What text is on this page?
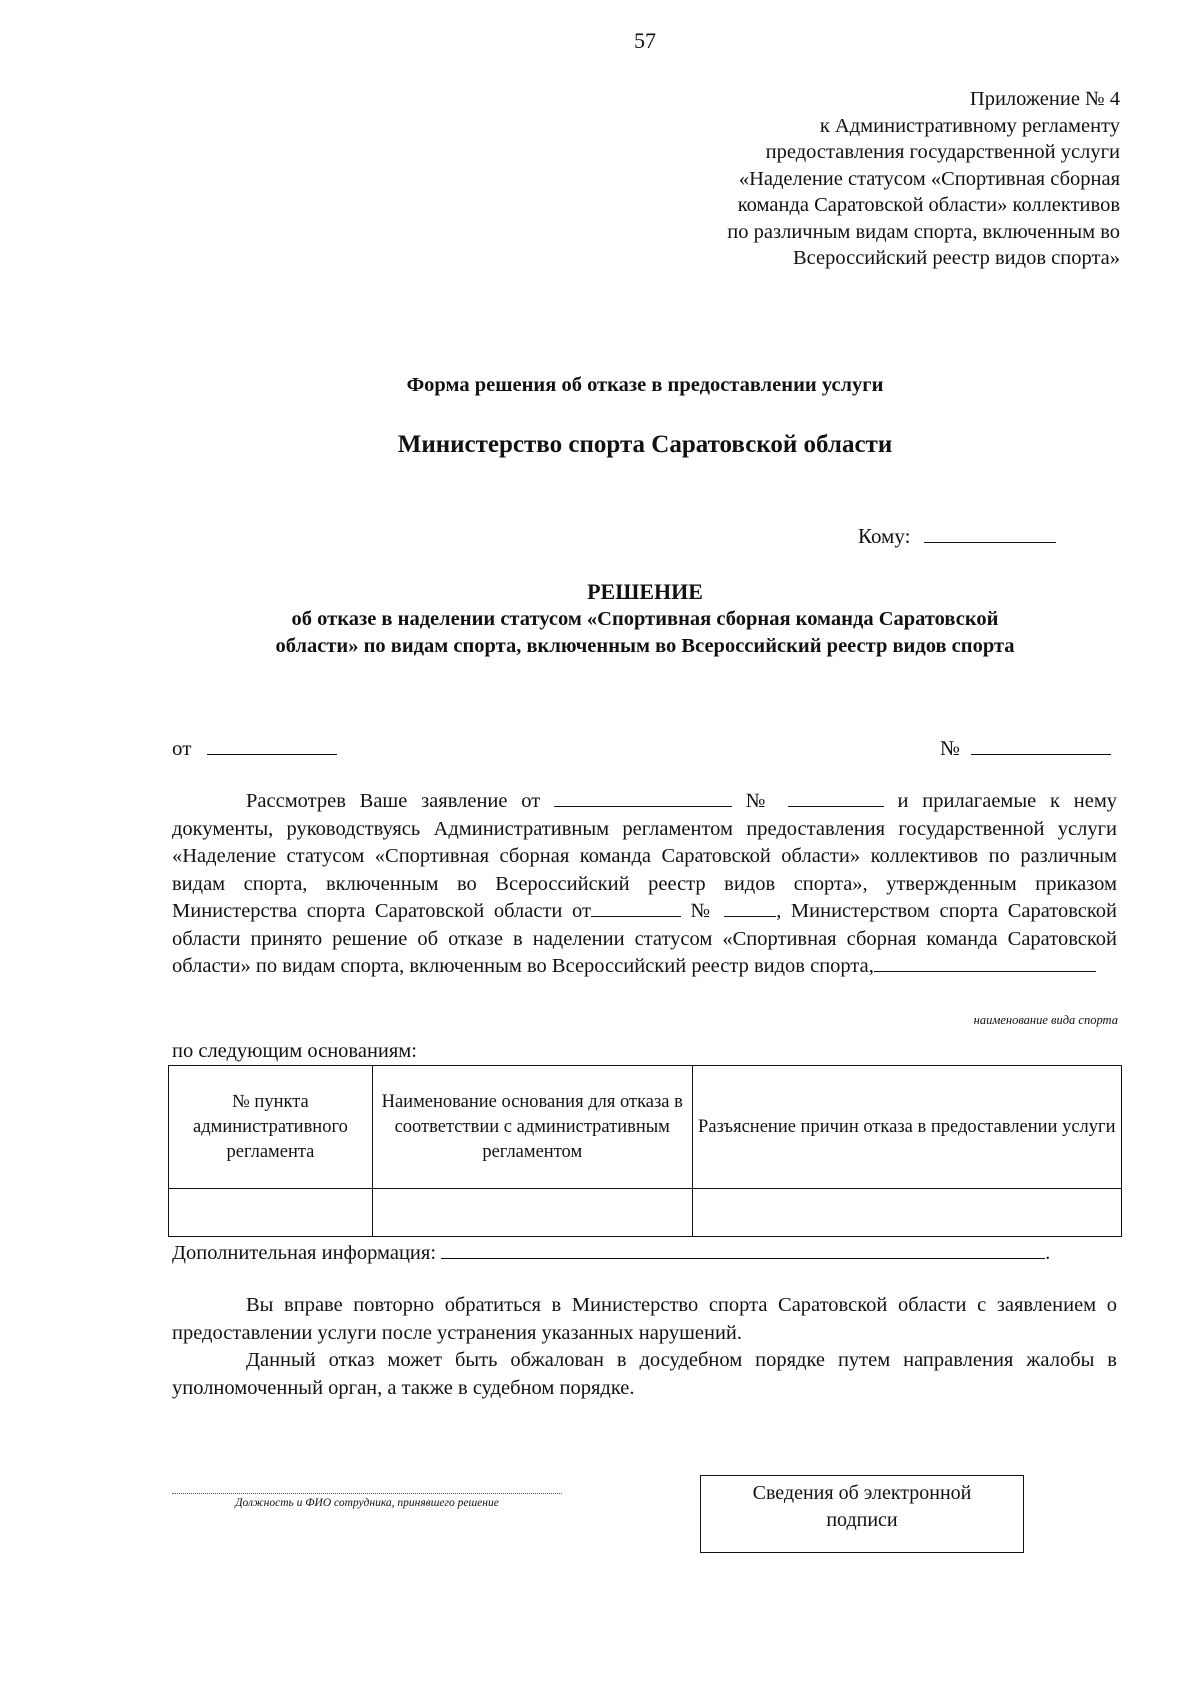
57
Приложение № 4
к Административному регламенту
предоставления государственной услуги
«Наделение статусом «Спортивная сборная
команда Саратовской области» коллективов
по различным видам спорта, включенным во
Всероссийский реестр видов спорта»
Форма решения об отказе в предоставлении услуги
Министерство спорта Саратовской области
Кому:
РЕШЕНИЕ
об отказе в наделении статусом «Спортивная сборная команда Саратовской
области» по видам спорта, включенным во Всероссийский реестр видов спорта
от	№
Рассмотрев Ваше заявление от	№	и прилагаемые к нему документы, руководствуясь Административным регламентом предоставления государственной услуги «Наделение статусом «Спортивная сборная команда Саратовской области» коллективов по различным видам спорта, включенным во Всероссийский реестр видов спорта», утвержденным приказом Министерства спорта Саратовской области от	№	, Министерством спорта Саратовской области принято решение об отказе в наделении статусом «Спортивная сборная команда Саратовской области» по видам спорта, включенным во Всероссийский реестр видов спорта,
наименование вида спорта
по следующим основаниям:
№ пункта административного регламента	Наименование основания для отказа в соответствии с административным регламентом	Разъяснение причин отказа в предоставлении услуги

Дополнительная информация:	.
Вы вправе повторно обратиться в Министерство спорта Саратовской области с заявлением о предоставлении услуги после устранения указанных нарушений.
Данный отказ может быть обжалован в досудебном порядке путем направления жалобы в уполномоченный орган, а также в судебном порядке.
Должность и ФИО сотрудника, принявшего решение	Сведения об электронной
подписи
